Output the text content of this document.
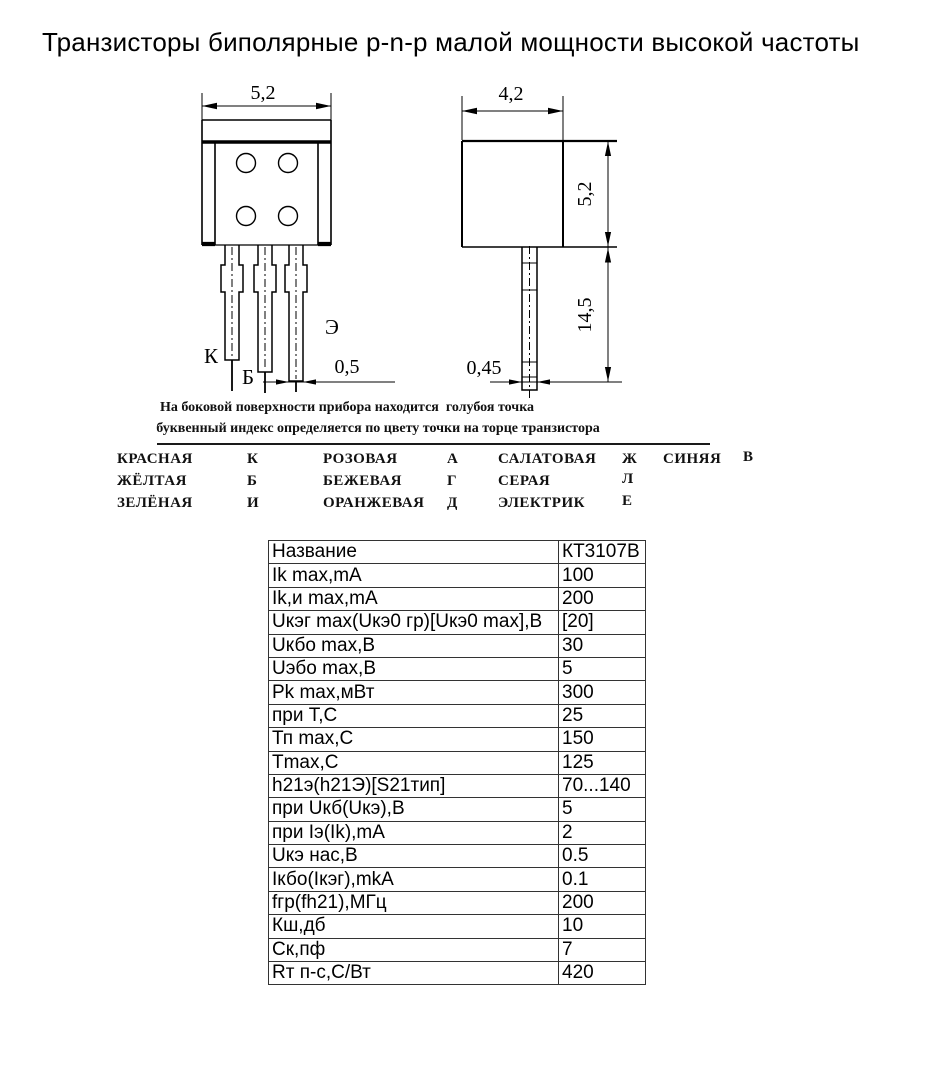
Транзисторы биполярные p-n-p малой мощности высокой частоты
5,2
К
Б
Э
0,5
4,2
5,2
14,5
0,45
На боковой поверхности прибора находится  голубоя точка
буквенный индекс определяется по цвету точки на торце транзистора
КРАСНАЯ	К	РОЗОВАЯ	А	САЛАТОВАЯ Ж СИНЯЯ В
ЖЁЛТАЯ	Б	БЕЖЕВАЯ	Г	СЕРАЯ	Л
ЗЕЛЁНАЯ	И	ОРАНЖЕВАЯ Д	ЭЛЕКТРИК Е
Название	КТ3107В
Ik max,mA	100
Ik,и max,mA	200
Uкэг max(Uкэ0 гр)[Uкэ0 max],В	[20]
Uкбо max,В	30
Uэбо max,В	5
Pk max,мВт	300
при Т,С	25
Тп max,С	150
Tmax,С	125
h21э(h21Э)[S21тип]	70...140
при Uкб(Uкэ),В	5
при Iэ(Ik),mA	2
Uкэ нас,В	0.5
Iкбо(Iкэг),mkA	0.1
fгр(fh21),МГц	200
Кш,дб	10
Ск,пф	7
Rт п-с,С/Вт	420
